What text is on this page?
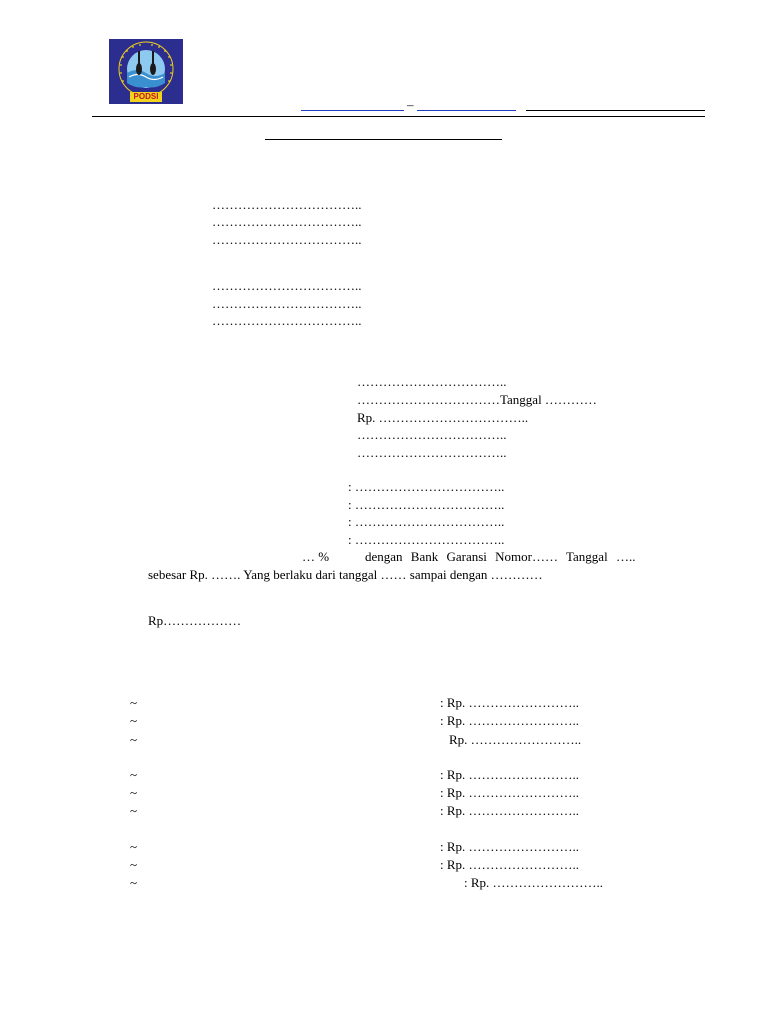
PODSI
–
……………………………..
……………………………..
……………………………..
……………………………..
……………………………..
……………………………..
……………………………..
……………………………Tanggal …………
Rp. ……………………………..
……………………………..
……………………………..
: ……………………………..
: ……………………………..
: ……………………………..
: ……………………………..
… %	dengan Bank Garansi Nomor…… Tanggal …..
sebesar Rp. ……. Yang berlaku dari tanggal …… sampai dengan …………
Rp………………
~	: Rp. ……………………..
~	: Rp. ……………………..
~	Rp. ……………………..
~	: Rp. ……………………..
~	: Rp. ……………………..
~	: Rp. ……………………..
~	: Rp. ……………………..
~	: Rp. ……………………..
~	: Rp. ……………………..
